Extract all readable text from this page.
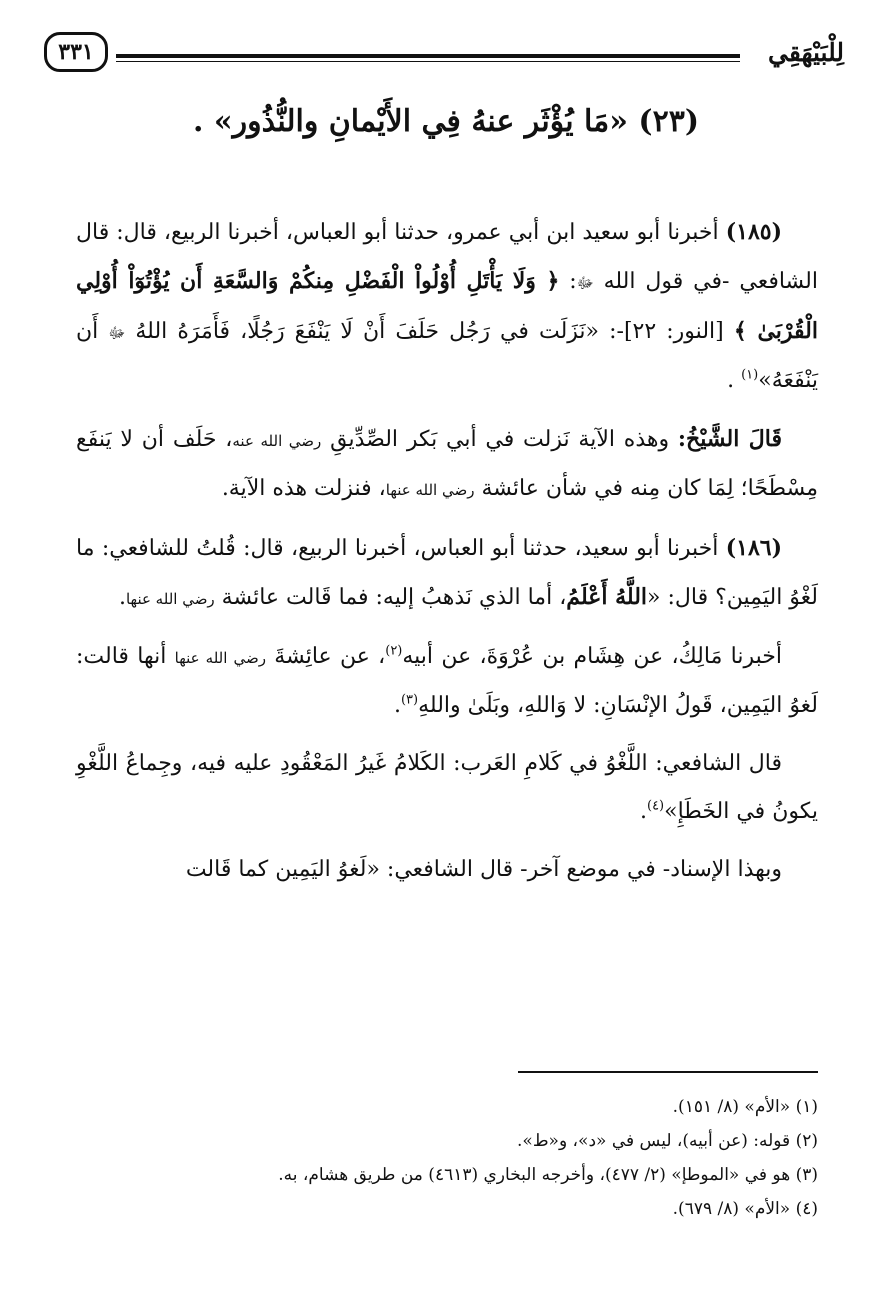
لِلْبَيْهَقِي
٣٣١
(٢٣) «مَا يُؤْثَر عنهُ فِي الأَيْمانِ والنُّذُور» .

(١٨٥) أخبرنا أبو سعيد ابن أبي عمرو، حدثنا أبو العباس، أخبرنا الربيع، قال: قال الشافعي -في قول الله ﷻ: ﴿ وَلَا يَأْتَلِ أُوْلُواْ الْفَضْلِ مِنكُمْ وَالسَّعَةِ أَن يُؤْتُوٓاْ أُوْلِي الْقُرْبَىٰ ﴾ [النور: ٢٢]-: «نَزَلَت في رَجُل حَلَفَ أَنْ لَا يَنْفَعَ رَجُلًا، فَأَمَرَهُ اللهُ ﷻ أَن يَنْفَعَهُ»$^{(١)}$ .

قَالَ الشَّيْخُ: وهذه الآية نَزلت في أبي بَكر الصِّدِّيقِ رضي الله عنه، حَلَف أن لا يَنفَع مِسْطَحًا؛ لِمَا كان مِنه في شأن عائشة رضي الله عنها، فنزلت هذه الآية.

(١٨٦) أخبرنا أبو سعيد، حدثنا أبو العباس، أخبرنا الربيع، قال: قُلتُ للشافعي: ما لَغْوُ اليَمِين؟ قال: «اللَّهُ أَعْلَمُ، أما الذي نَذهبُ إليه: فما قَالت عائشة رضي الله عنها.

أخبرنا مَالِكُ، عن هِشَام بن عُرْوَةَ، عن أبيه$^{(٢)}$، عن عائِشةَ رضي الله عنها أنها قالت: لَغوُ اليَمِين، قَولُ الإنْسَانِ: لا وَاللهِ، وبَلَىٰ واللهِ$^{(٣)}$.

قال الشافعي: اللَّغْوُ في كَلامِ العَرب: الكَلامُ غَيرُ المَعْقُودِ عليه فيه، وجِماعُ اللَّغْوِ يكونُ في الخَطَإِ»$^{(٤)}$.

وبهذا الإسناد- في موضع آخر- قال الشافعي: «لَغوُ اليَمِين كما قَالت

(١) «الأم» (٨/ ١٥١).

(٢) قوله: (عن أبيه)، ليس في «د»، و«ط».

(٣) هو في «الموطإ» (٢/ ٤٧٧)، وأخرجه البخاري (٤٦١٣) من طريق هشام، به.

(٤) «الأم» (٨/ ٦٧٩).
